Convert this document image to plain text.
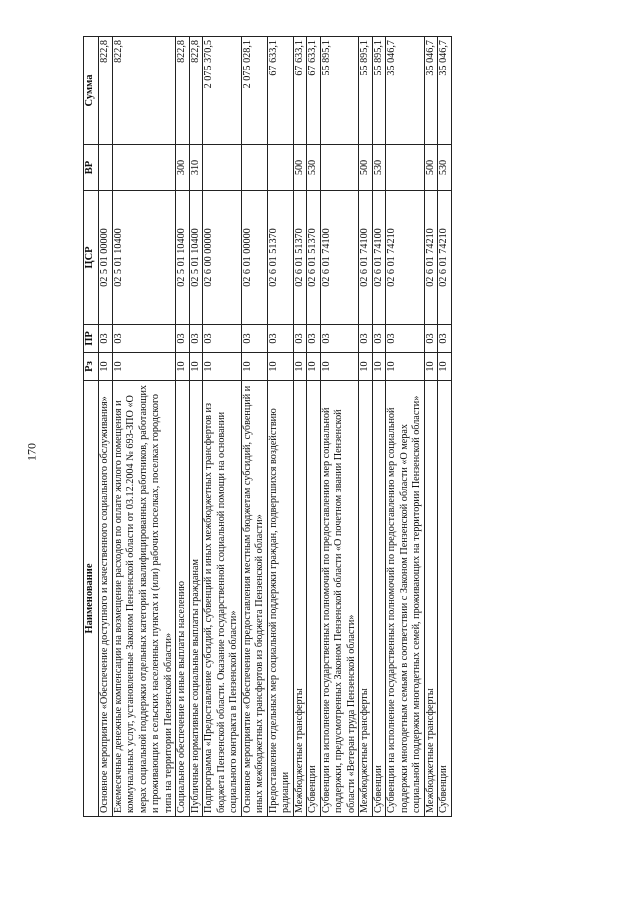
170
Наименование	Рз	ПР	ЦСР	ВР	Сумма
Основное мероприятие «Обеспечение доступного и качественного социального обслуживания»	10	03	02 5 01 00000		822,8
Ежемесячные денежные компенсации на возмещение расходов по оплате жилого помещения и коммунальных услуг, установленные Законом Пензенской области от 03.12.2004 № 693-ЗПО «О мерах социальной поддержки отдельных категорий квалифицированных работников, работающих и проживающих в сельских населенных пунктах и (или) рабочих поселках, поселках городского типа на территории Пензенской области»	10	03	02 5 01 10400		822,8
Социальное обеспечение и иные выплаты населению	10	03	02 5 01 10400	300	822,8
Публичные нормативные социальные выплаты гражданам	10	03	02 5 01 10400	310	822,8
Подпрограмма «Предоставление субсидий, субвенций и иных межбюджетных трансфертов из бюджета Пензенской области. Оказание государственной социальной помощи на основании социального контракта в Пензенской области»	10	03	02 6 00 00000		2 075 370,5
Основное мероприятие «Обеспечение предоставления местным бюджетам субсидий, субвенций и иных межбюджетных трансфертов из бюджета Пензенской области»	10	03	02 6 01 00000		2 075 028,1
Предоставление отдельных мер социальной поддержки граждан, подвергшихся воздействию радиации	10	03	02 6 01 51370		67 633,1
Межбюджетные трансферты	10	03	02 6 01 51370	500	67 633,1
Субвенции	10	03	02 6 01 51370	530	67 633,1
Субвенции на исполнение государственных полномочий по предоставлению мер социальной поддержки, предусмотренных Законом Пензенской области «О почетном звании Пензенской области «Ветеран труда Пензенской области»	10	03	02 6 01 74100		55 895,1
Межбюджетные трансферты	10	03	02 6 01 74100	500	55 895,1
Субвенции	10	03	02 6 01 74100	530	55 895,1
Субвенции на исполнение государственных полномочий по предоставлению мер социальной поддержки многодетным семьям в соответствии с Законом Пензенской области «О мерах социальной поддержки многодетных семей, проживающих на территории Пензенской области»	10	03	02 6 01 74210		35 046,7
Межбюджетные трансферты	10	03	02 6 01 74210	500	35 046,7
Субвенции	10	03	02 6 01 74210	530	35 046,7
